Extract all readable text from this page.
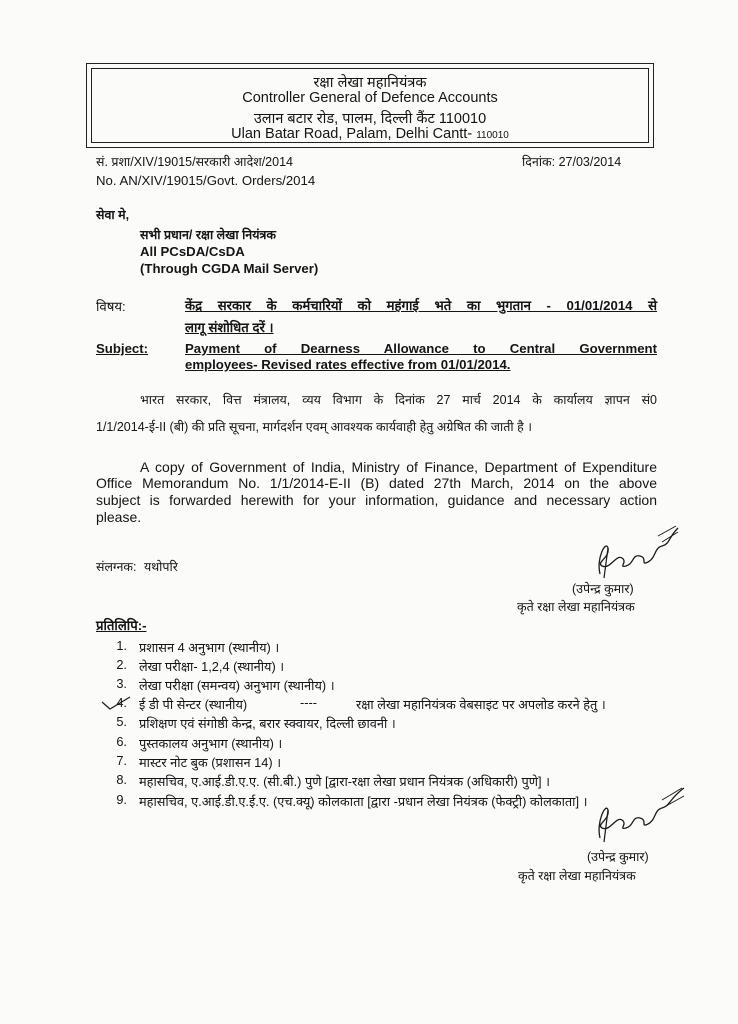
रक्षा लेखा महानियंत्रक
Controller General of Defence Accounts
उलान बटार रोड, पालम, दिल्ली कैंट 110010
Ulan Batar Road, Palam, Delhi Cantt- 110010
सं. प्रशा/XIV/19015/सरकारी आदेश/2014	दिनांक: 27/03/2014
No. AN/XIV/19015/Govt. Orders/2014
सेवा मे,
सभी प्रधान/ रक्षा लेखा नियंत्रक
All PCsDA/CsDA
(Through CGDA Mail Server)
विषय:	केंद्र सरकार के कर्मचारियों को महंगाई भते का भुगतान - 01/01/2014 से
लागू संशोधित दरें ।
Subject:	Payment of Dearness Allowance to Central Government
employees- Revised rates effective from 01/01/2014.
भारत सरकार, वित्त मंत्रालय, व्यय विभाग के दिनांक 27 मार्च 2014 के कार्यालय ज्ञापन सं0
1/1/2014-ई-II (बी) की प्रति सूचना, मार्गदर्शन एवम् आवश्यक कार्यवाही हेतु अग्रेषित की जाती है ।
A copy of Government of India, Ministry of Finance, Department of Expenditure
Office Memorandum No. 1/1/2014-E-II (B) dated 27th March, 2014 on the above
subject is forwarded herewith for your information, guidance and necessary action
please.
संलग्नक: यथोपरि
(उपेन्द्र कुमार)
कृते रक्षा लेखा महानियंत्रक
प्रतिलिपि:-
1. प्रशासन 4 अनुभाग (स्थानीय) ।
2. लेखा परीक्षा- 1,2,4 (स्थानीय) ।
3. लेखा परीक्षा (समन्वय) अनुभाग (स्थानीय) ।
4. ई डी पी सेन्टर (स्थानीय)	----	रक्षा लेखा महानियंत्रक वेबसाइट पर अपलोड करने हेतु ।
5. प्रशिक्षण एवं संगोष्ठी केन्द्र, बरार स्क्वायर, दिल्ली छावनी ।
6. पुस्तकालय अनुभाग (स्थानीय) ।
7. मास्टर नोट बुक (प्रशासन 14) ।
8. महासचिव, ए.आई.डी.ए.ए. (सी.बी.) पुणे [द्वारा-रक्षा लेखा प्रधान नियंत्रक (अधिकारी) पुणे] ।
9. महासचिव, ए.आई.डी.ए.ई.ए. (एच.क्यू) कोलकाता [द्वारा -प्रधान लेखा नियंत्रक (फेक्ट्री) कोलकाता] ।
(उपेन्द्र कुमार)
कृते रक्षा लेखा महानियंत्रक
